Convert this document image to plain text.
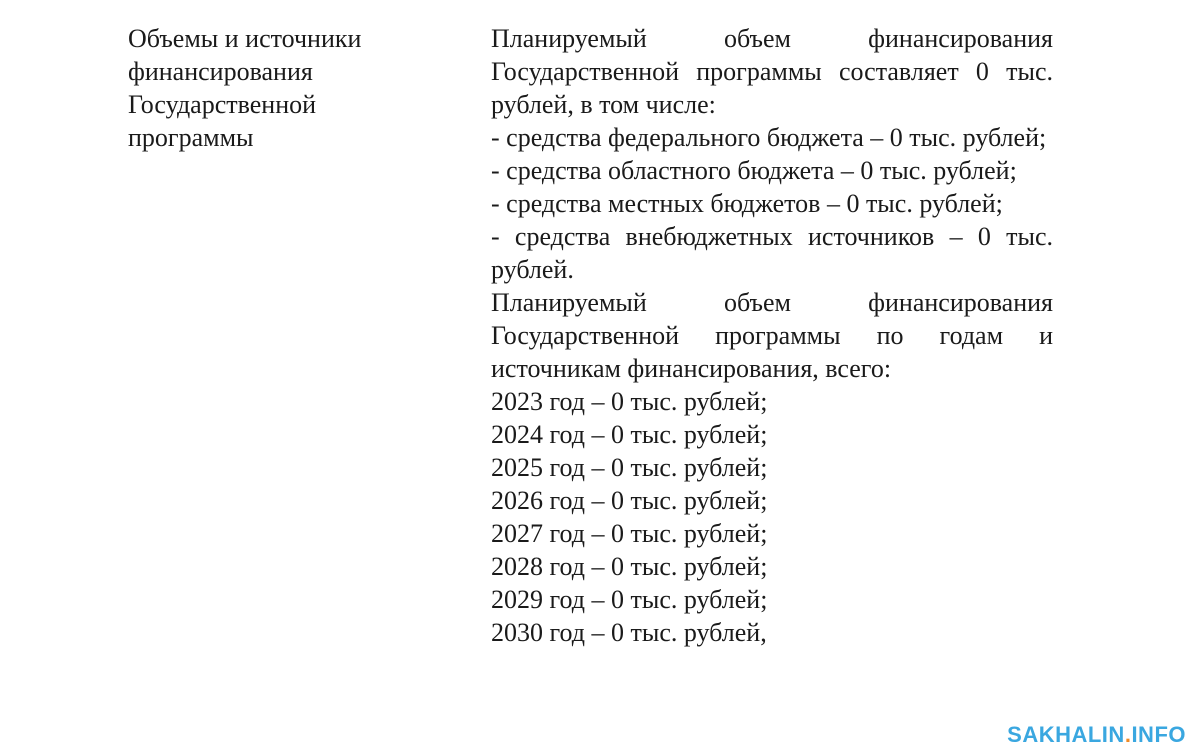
Объемы и источники
финансирования
Государственной
программы

Планируемый объем финансирования Государственной программы составляет 0 тыс. рублей, в том числе:

- средства федерального бюджета – 0 тыс. рублей;

- средства областного бюджета – 0 тыс. рублей;

- средства местных бюджетов – 0 тыс. рублей;

- средства внебюджетных источников – 0 тыс. рублей.

Планируемый объем финансирования Государственной программы по годам и источникам финансирования, всего:

2023 год – 0 тыс. рублей;
2024 год – 0 тыс. рублей;
2025 год – 0 тыс. рублей;
2026 год – 0 тыс. рублей;
2027 год – 0 тыс. рублей;
2028 год – 0 тыс. рублей;
2029 год – 0 тыс. рублей;
2030 год – 0 тыс. рублей,
SAKHALIN.INFO
